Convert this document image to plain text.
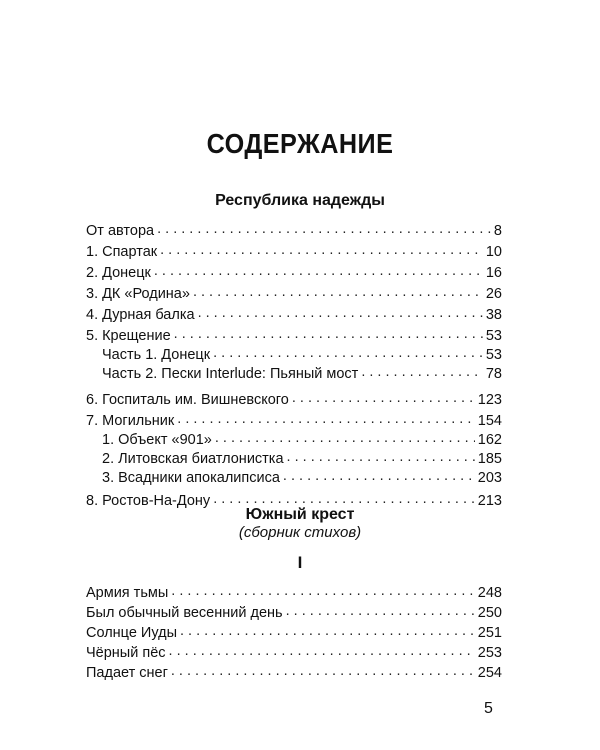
СОДЕРЖАНИЕ
Республика надежды
От автора . . .	8
1. Спартак . . .	10
2. Донецк . . .	16
3. ДК «Родина» . . .	26
4. Дурная балка . . .	38
5. Крещение . . .	53
Часть 1. Донецк . . .	53
Часть 2. Пески Interlude: Пьяный мост . . .	78
6. Госпиталь им. Вишневского . . .	123
7. Могильник . . .	154
1. Объект «901» . . .	162
2. Литовская биатлонистка . . .	185
3. Всадники апокалипсиса . . .	203
8. Ростов-На-Дону . . .	213
Южный крест
(сборник стихов)
I
Армия тьмы . . .	248
Был обычный весенний день . . .	250
Солнце Иуды . . .	251
Чёрный пёс . . .	253
Падает снег . . .	254
5
